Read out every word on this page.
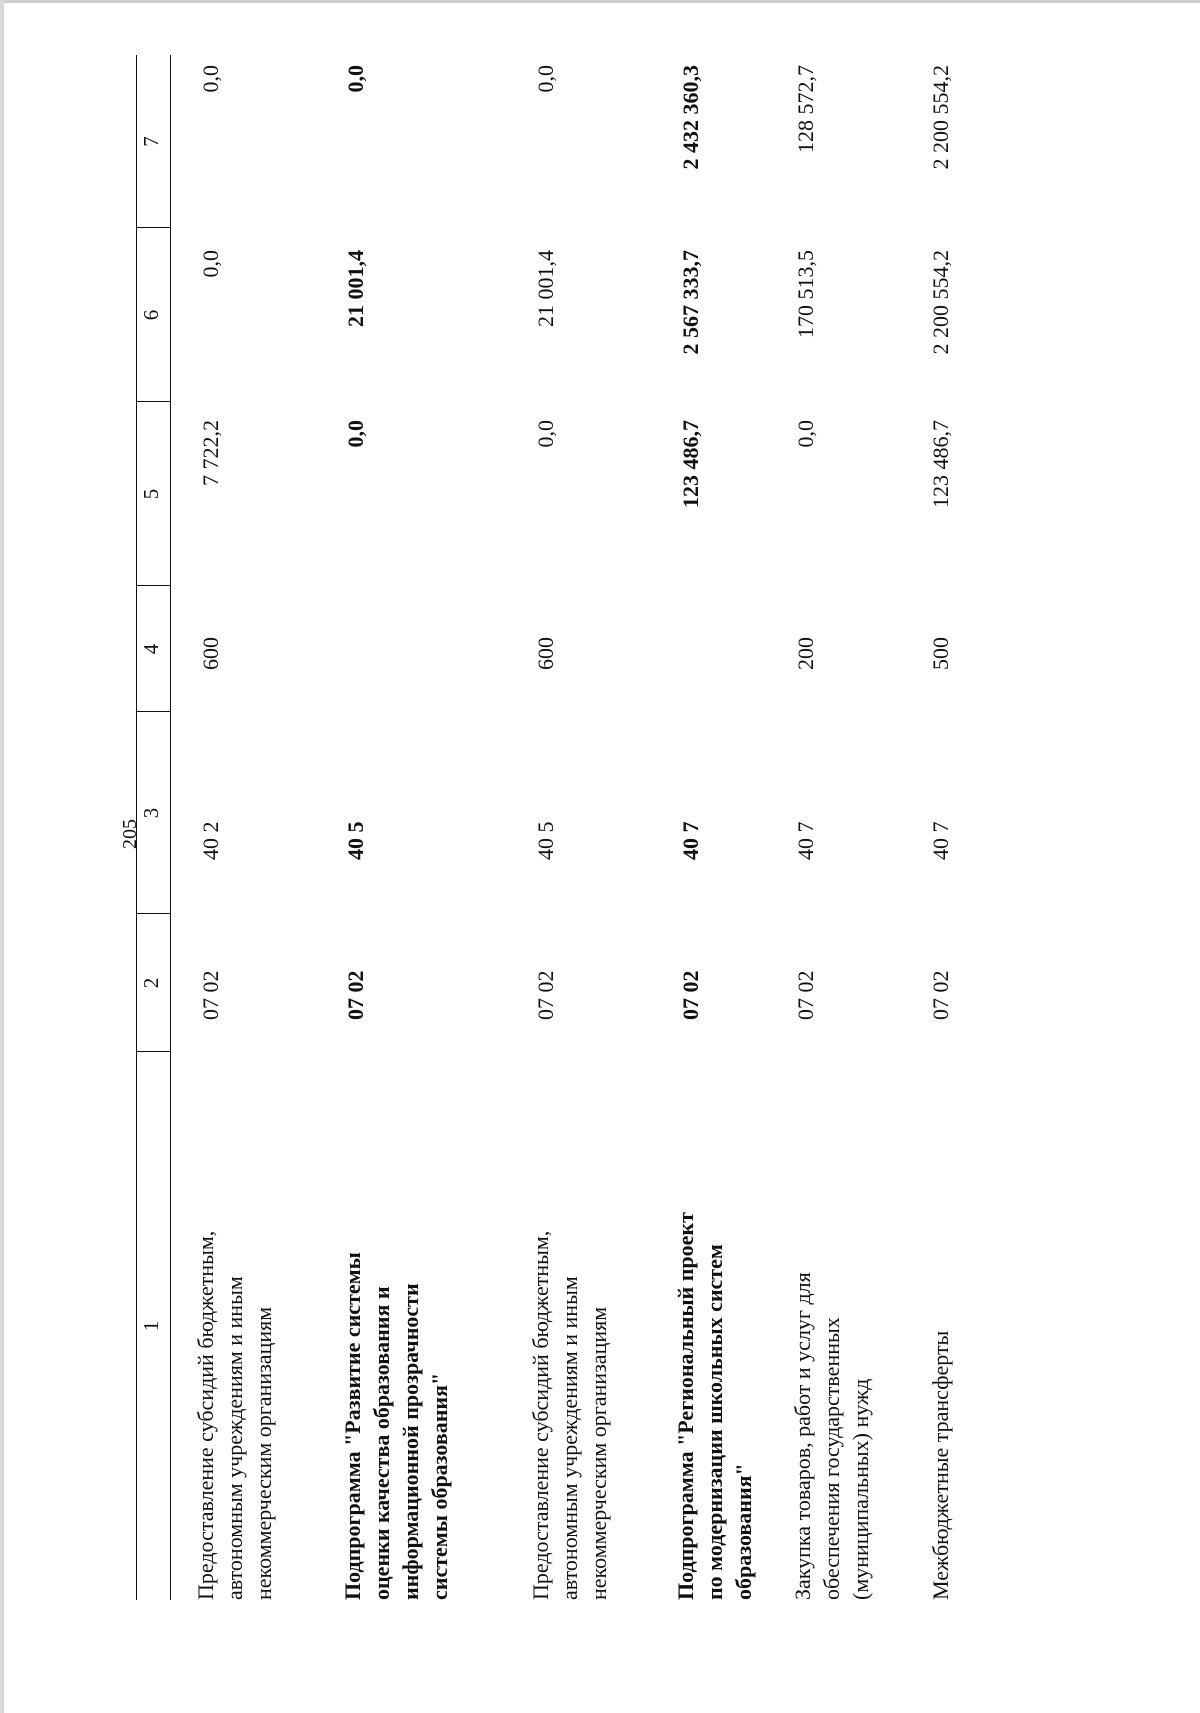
205
1
2
3
4
5
6
7
Предоставление субсидий бюджетным, автономным учреждениям и иным некоммерческим организациям
07 02
40 2
600
7 722,2
0,0
0,0
Подпрограмма "Развитие системы оценки качества образования и информационной прозрачности системы образования"
07 02
40 5
0,0
21 001,4
0,0
Предоставление субсидий бюджетным, автономным учреждениям и иным некоммерческим организациям
07 02
40 5
600
0,0
21 001,4
0,0
Подпрограмма "Региональный проект по модернизации школьных систем образования"
07 02
40 7
123 486,7
2 567 333,7
2 432 360,3
Закупка товаров, работ и услуг для обеспечения государственных (муниципальных) нужд
07 02
40 7
200
0,0
170 513,5
128 572,7
Межбюджетные трансферты
07 02
40 7
500
123 486,7
2 200 554,2
2 200 554,2
